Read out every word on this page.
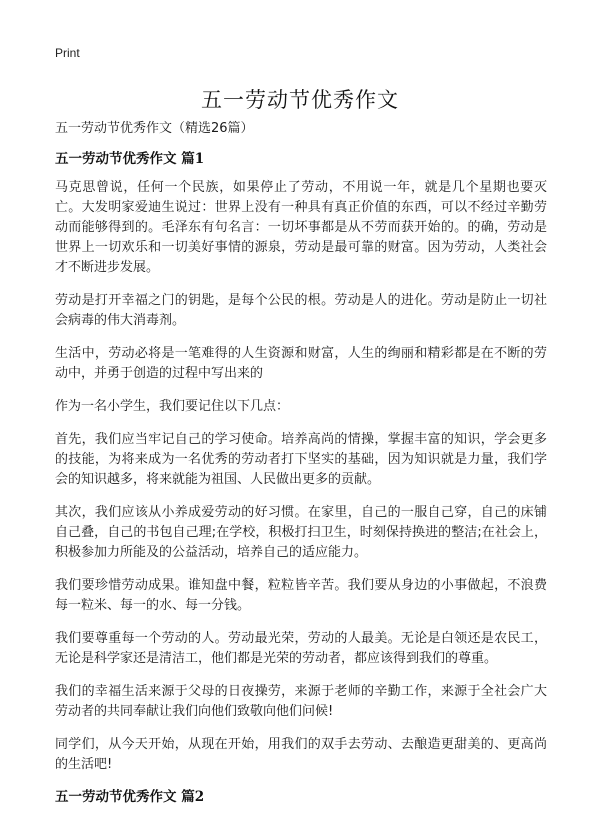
Print
五一劳动节优秀作文

五一劳动节优秀作文（精选26篇）

五一劳动节优秀作文 篇1

马克思曾说，任何一个民族，如果停止了劳动，不用说一年，就是几个星期也要灭亡。大发明家爱迪生说过：世界上没有一种具有真正价值的东西，可以不经过辛勤劳动而能够得到的。毛泽东有句名言：一切坏事都是从不劳而获开始的。的确，劳动是世界上一切欢乐和一切美好事情的源泉，劳动是最可靠的财富。因为劳动，人类社会才不断进步发展。

劳动是打开幸福之门的钥匙，是每个公民的根。劳动是人的进化。劳动是防止一切社会病毒的伟大消毒剂。

生活中，劳动必将是一笔难得的人生资源和财富，人生的绚丽和精彩都是在不断的劳动中，并勇于创造的过程中写出来的

作为一名小学生，我们要记住以下几点：

首先，我们应当牢记自己的学习使命。培养高尚的情操，掌握丰富的知识，学会更多的技能，为将来成为一名优秀的劳动者打下坚实的基础，因为知识就是力量，我们学会的知识越多，将来就能为祖国、人民做出更多的贡献。

其次，我们应该从小养成爱劳动的好习惯。在家里，自己的一服自己穿，自己的床铺自己叠，自己的书包自己理;在学校，积极打扫卫生，时刻保持换进的整洁;在社会上，积极参加力所能及的公益活动，培养自己的适应能力。

我们要珍惜劳动成果。谁知盘中餐，粒粒皆辛苦。我们要从身边的小事做起，不浪费每一粒米、每一的水、每一分钱。

我们要尊重每一个劳动的人。劳动最光荣，劳动的人最美。无论是白领还是农民工，无论是科学家还是清洁工，他们都是光荣的劳动者，都应该得到我们的尊重。

我们的幸福生活来源于父母的日夜操劳，来源于老师的辛勤工作，来源于全社会广大劳动者的共同奉献让我们向他们致敬向他们问候!

同学们，从今天开始，从现在开始，用我们的双手去劳动、去酿造更甜美的、更高尚的生活吧!

五一劳动节优秀作文 篇2
